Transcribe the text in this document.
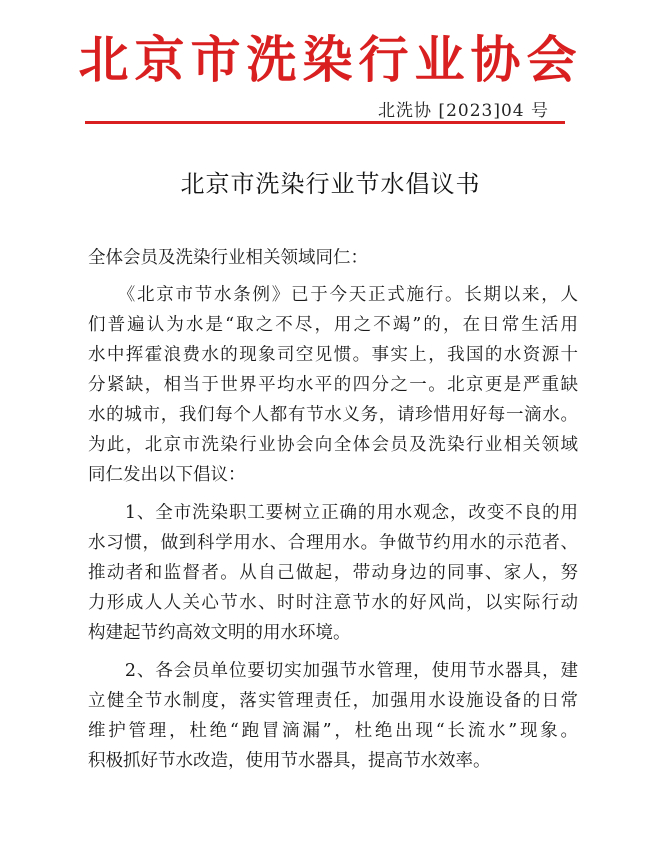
北京市洗染行业协会
北洗协 [2023]04 号
北京市洗染行业节水倡议书
全体会员及洗染行业相关领域同仁：
　　《北京市节水条例》已于今天正式施行。长期以来，人
们普遍认为水是“取之不尽，用之不竭”的，在日常生活用
水中挥霍浪费水的现象司空见惯。事实上，我国的水资源十
分紧缺，相当于世界平均水平的四分之一。北京更是严重缺
水的城市，我们每个人都有节水义务，请珍惜用好每一滴水。
为此，北京市洗染行业协会向全体会员及洗染行业相关领域
同仁发出以下倡议：
　　1、全市洗染职工要树立正确的用水观念，改变不良的用
水习惯，做到科学用水、合理用水。争做节约用水的示范者、
推动者和监督者。从自己做起，带动身边的同事、家人，努
力形成人人关心节水、时时注意节水的好风尚，以实际行动
构建起节约高效文明的用水环境。
　　2、各会员单位要切实加强节水管理，使用节水器具，建
立健全节水制度，落实管理责任，加强用水设施设备的日常
维护管理，杜绝“跑冒滴漏”，杜绝出现“长流水”现象。
积极抓好节水改造，使用节水器具，提高节水效率。
